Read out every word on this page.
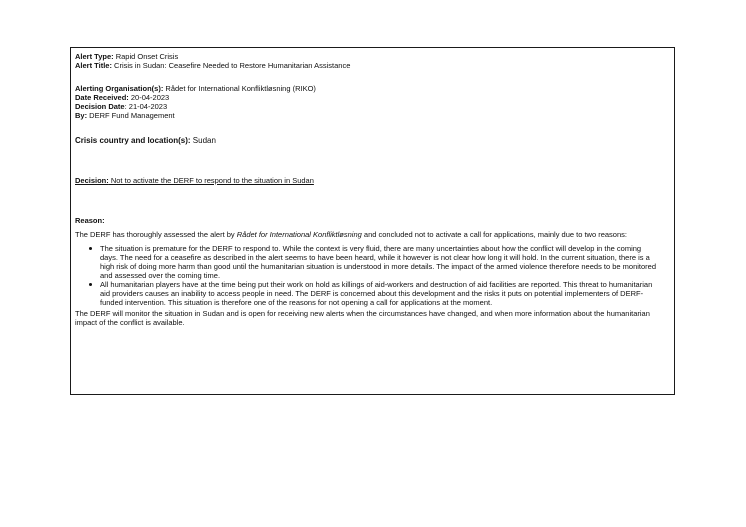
Alert Type: Rapid Onset Crisis
Alert Title: Crisis in Sudan: Ceasefire Needed to Restore Humanitarian Assistance
Alerting Organisation(s): Rådet for International Konfliktløsning (RIKO)
Date Received: 20-04-2023
Decision Date: 21-04-2023
By: DERF Fund Management
Crisis country and location(s): Sudan
Decision: Not to activate the DERF to respond to the situation in Sudan
Reason:
The DERF has thoroughly assessed the alert by Rådet for International Konfliktløsning and concluded not to activate a call for applications, mainly due to two reasons:
The situation is premature for the DERF to respond to. While the context is very fluid, there are many uncertainties about how the conflict will develop in the coming days. The need for a ceasefire as described in the alert seems to have been heard, while it however is not clear how long it will hold. In the current situation, there is a high risk of doing more harm than good until the humanitarian situation is understood in more details. The impact of the armed violence therefore needs to be monitored and assessed over the coming time.
All humanitarian players have at the time being put their work on hold as killings of aid-workers and destruction of aid facilities are reported. This threat to humanitarian aid providers causes an inability to access people in need. The DERF is concerned about this development and the risks it puts on potential implementers of DERF-funded intervention. This situation is therefore one of the reasons for not opening a call for applications at the moment.
The DERF will monitor the situation in Sudan and is open for receiving new alerts when the circumstances have changed, and when more information about the humanitarian impact of the conflict is available.
